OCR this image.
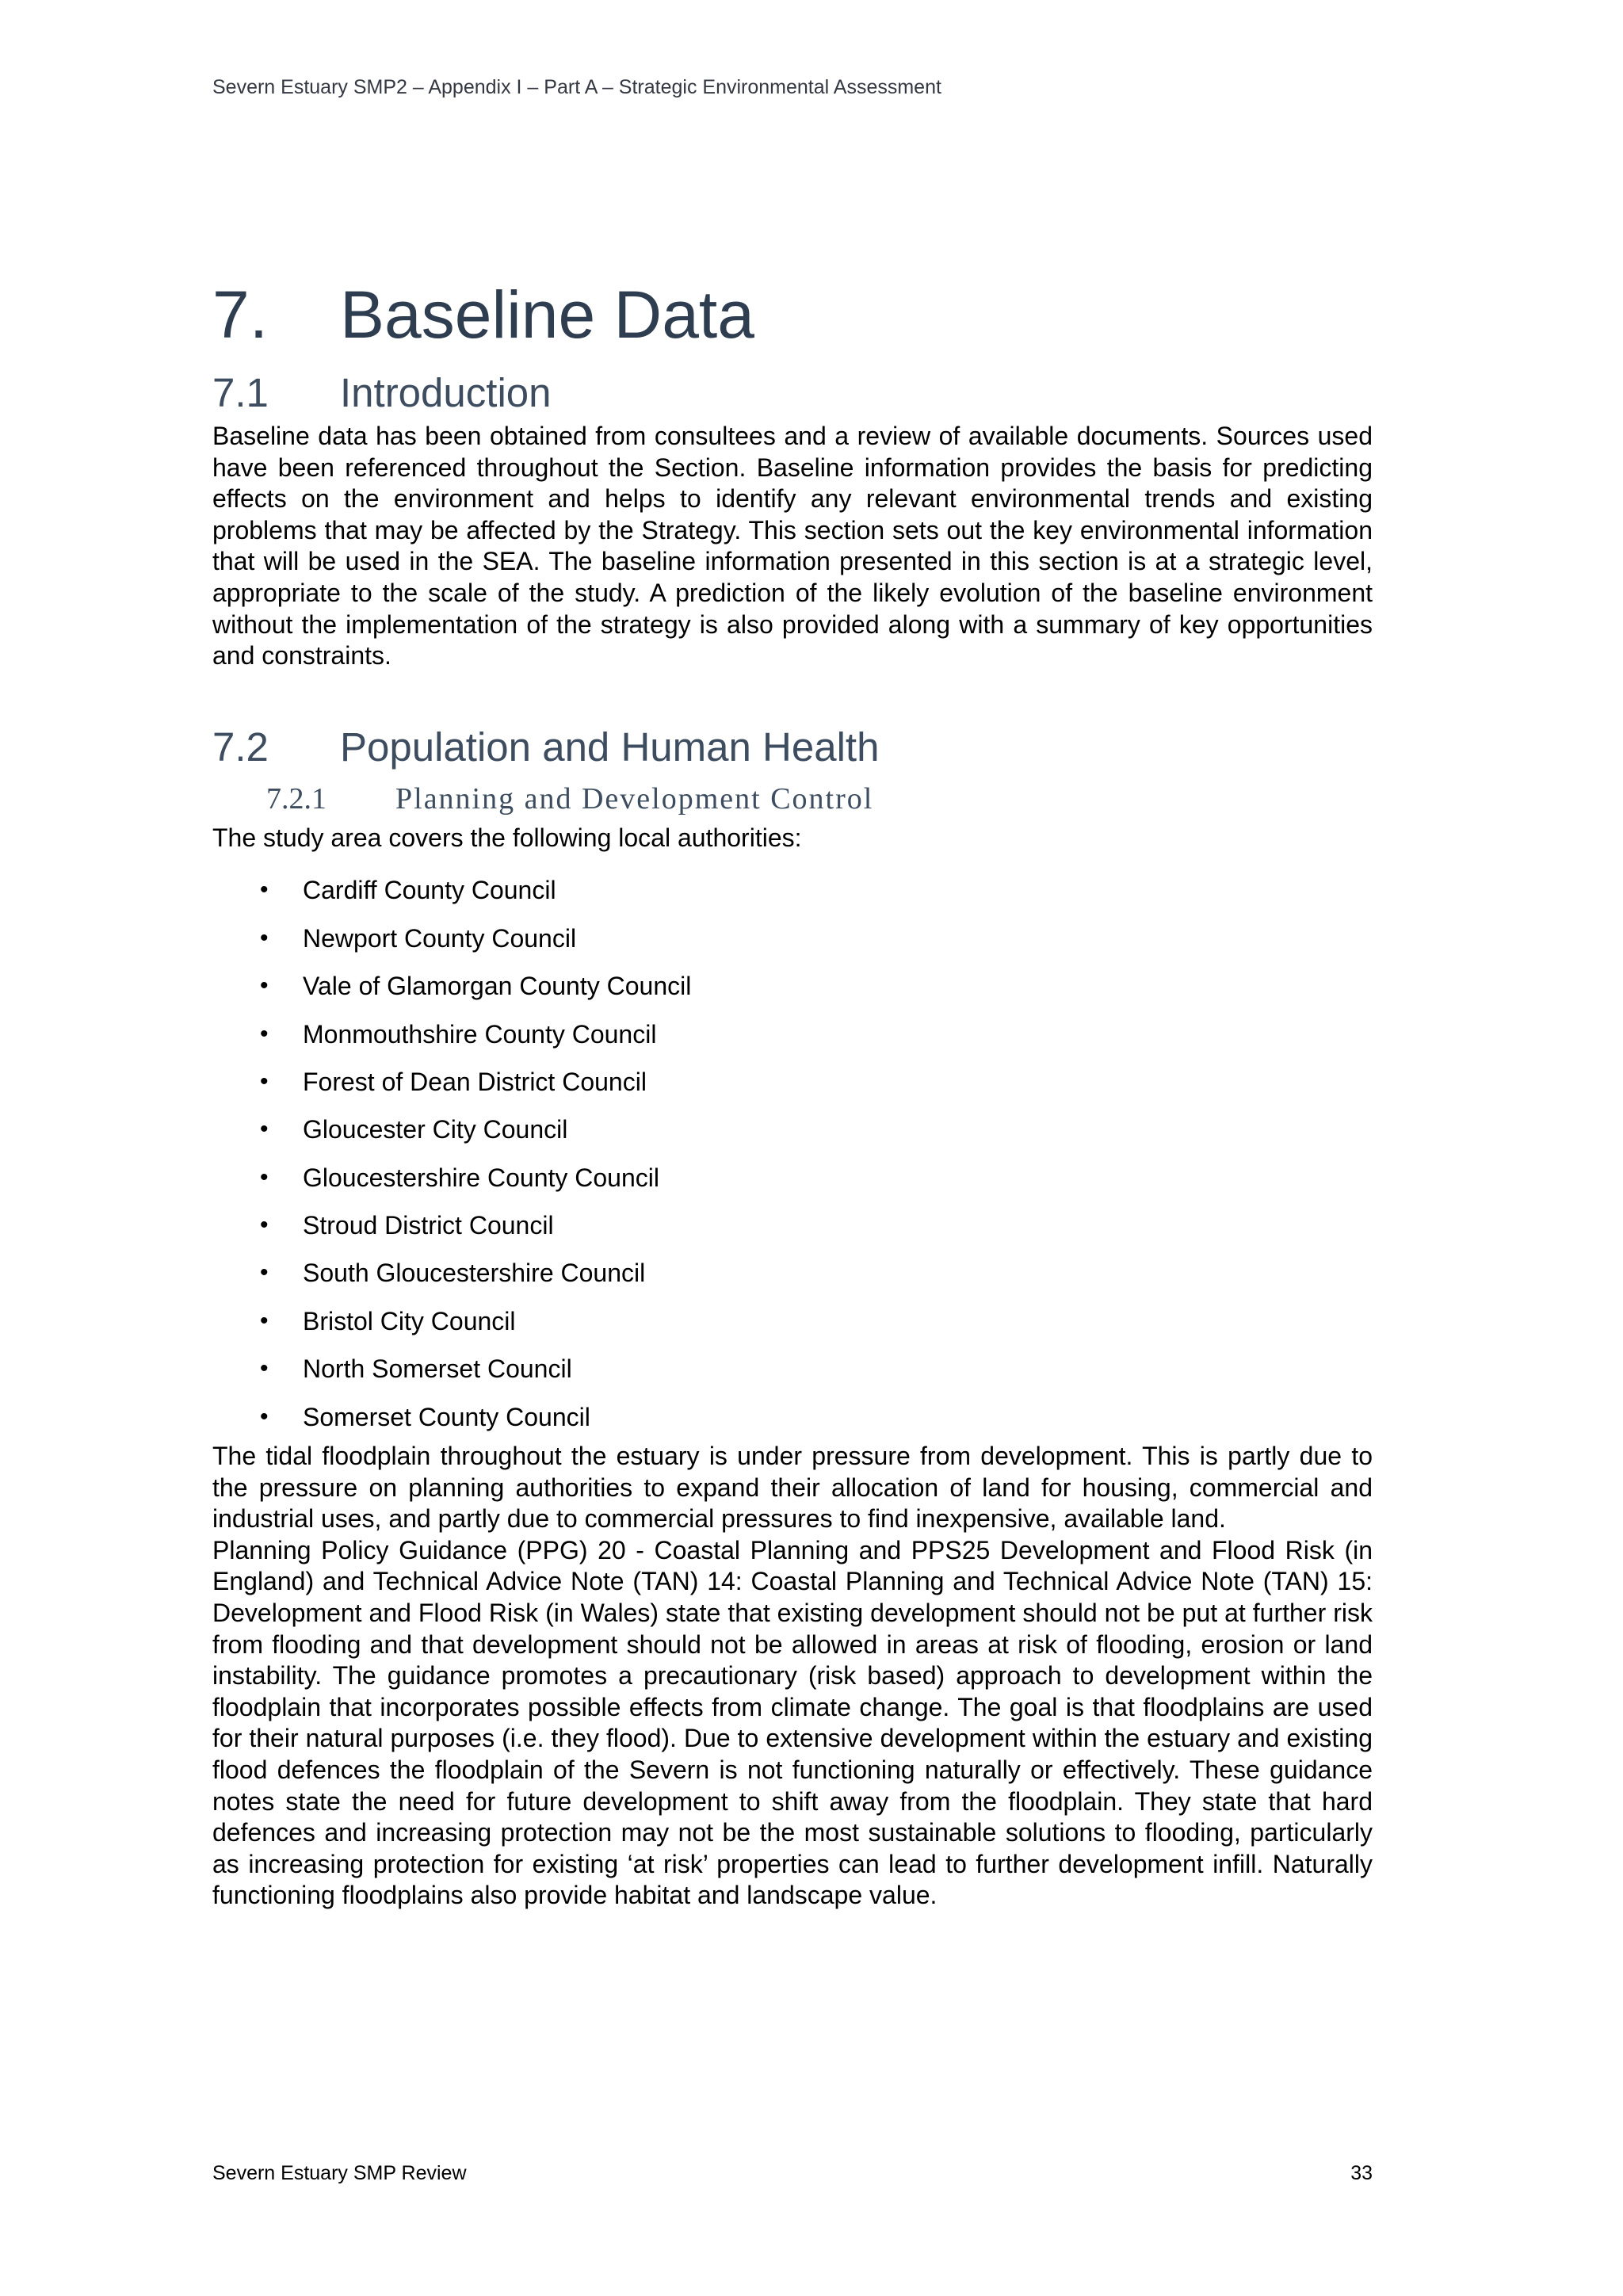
Severn Estuary SMP2 – Appendix I – Part A – Strategic Environmental Assessment
7.	Baseline Data
7.1	Introduction

Baseline data has been obtained from consultees and a review of available documents. Sources used have been referenced throughout the Section. Baseline information provides the basis for predicting effects on the environment and helps to identify any relevant environmental trends and existing problems that may be affected by the Strategy. This section sets out the key environmental information that will be used in the SEA. The baseline information presented in this section is at a strategic level, appropriate to the scale of the study. A prediction of the likely evolution of the baseline environment without the implementation of the strategy is also provided along with a summary of key opportunities and constraints.

7.2	Population and Human Health
7.2.1	Planning and Development Control

The study area covers the following local authorities:

• Cardiff County Council
• Newport County Council
• Vale of Glamorgan County Council
• Monmouthshire County Council
• Forest of Dean District Council
• Gloucester City Council
• Gloucestershire County Council
• Stroud District Council
• South Gloucestershire Council
• Bristol City Council
• North Somerset Council
• Somerset County Council

The tidal floodplain throughout the estuary is under pressure from development. This is partly due to the pressure on planning authorities to expand their allocation of land for housing, commercial and industrial uses, and partly due to commercial pressures to find inexpensive, available land.

Planning Policy Guidance (PPG) 20 - Coastal Planning and PPS25 Development and Flood Risk (in England) and Technical Advice Note (TAN) 14: Coastal Planning and Technical Advice Note (TAN) 15: Development and Flood Risk (in Wales) state that existing development should not be put at further risk from flooding and that development should not be allowed in areas at risk of flooding, erosion or land instability. The guidance promotes a precautionary (risk based) approach to development within the floodplain that incorporates possible effects from climate change. The goal is that floodplains are used for their natural purposes (i.e. they flood). Due to extensive development within the estuary and existing flood defences the floodplain of the Severn is not functioning naturally or effectively. These guidance notes state the need for future development to shift away from the floodplain. They state that hard defences and increasing protection may not be the most sustainable solutions to flooding, particularly as increasing protection for existing ‘at risk’ properties can lead to further development infill. Naturally functioning floodplains also provide habitat and landscape value.

Severn Estuary SMP Review	33
